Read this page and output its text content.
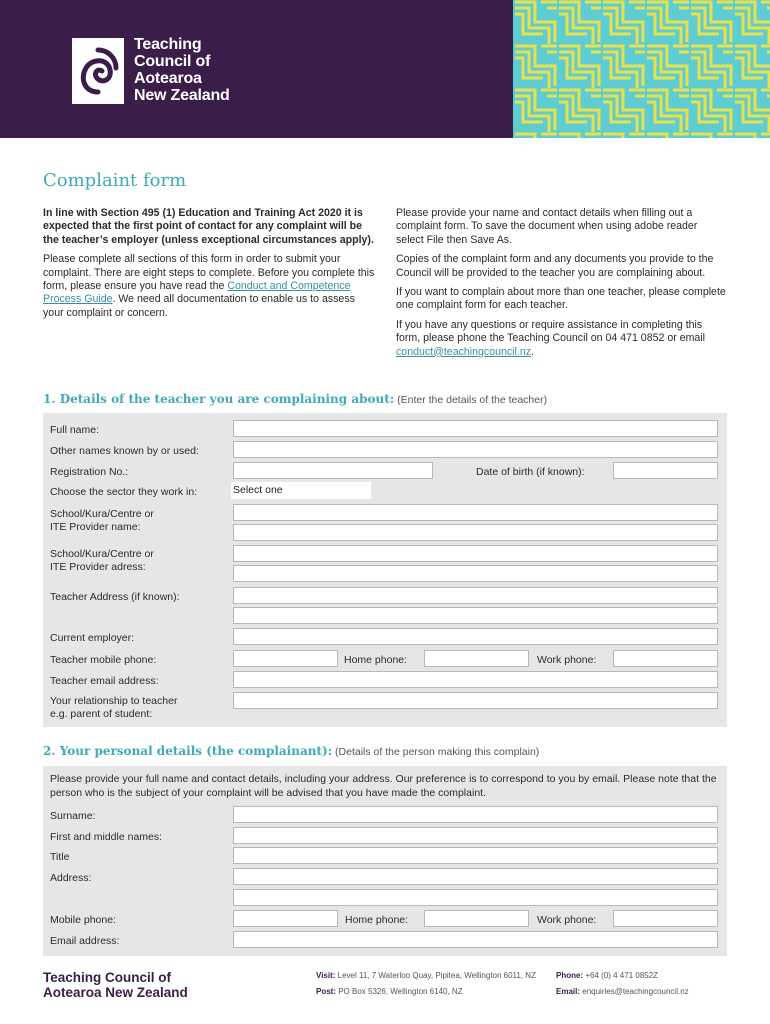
Teaching
Council of
Aotearoa
New Zealand
Complaint form

In line with Section 495 (1) Education and Training Act 2020 it is expected that the first point of contact for any complaint will be the teacher’s employer (unless exceptional circumstances apply).

Please complete all sections of this form in order to submit your complaint. There are eight steps to complete. Before you complete this form, please ensure you have read the Conduct and Competence Process Guide. We need all documentation to enable us to assess your complaint or concern.

Please provide your name and contact details when filling out a complaint form. To save the document when using adobe reader select File then Save As.

Copies of the complaint form and any documents you provide to the Council will be provided to the teacher you are complaining about.

If you want to complain about more than one teacher, please complete one complaint form for each teacher.

If you have any questions or require assistance in completing this form, please phone the Teaching Council on 04 471 0852 or email conduct@teachingcouncil.nz.

1. Details of the teacher you are complaining about: (Enter the details of the teacher)
Full name:
Other names known by or used:
Registration No.:	Date of birth (if known):
Choose the sector they work in:	Select one
School/Kura/Centre or
ITE Provider name:
School/Kura/Centre or
ITE Provider adress:
Teacher Address (if known):
Current employer:
Teacher mobile phone:	Home phone:	Work phone:
Teacher email address:
Your relationship to teacher
e.g. parent of student:
2. Your personal details (the complainant): (Details of the person making this complain)
Please provide your full name and contact details, including your address. Our preference is to correspond to you by email. Please note that the person who is the subject of your complaint will be advised that you have made the complaint.
Surname:
First and middle names:
Title
Address:
Mobile phone:	Home phone:	Work phone:
Email address:
Teaching Council of
Aotearoa New Zealand
Visit: Level 11, 7 Waterloo Quay, Pipitea, Wellington 6011, NZ
Post: PO Box 5326, Wellington 6140, NZ
Phone: +64 (0) 4 471 0852Z
Email: enquiries@teachingcouncil.nz
